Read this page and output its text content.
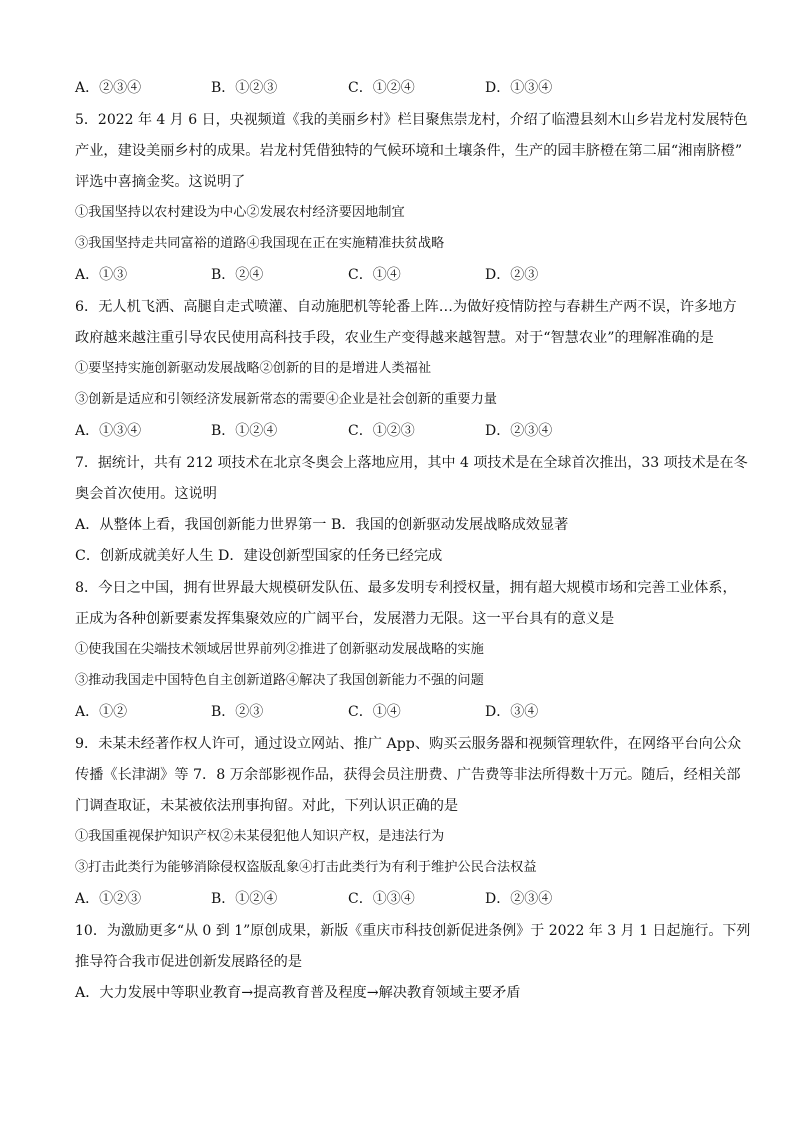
A．②③④	B．①②③	C．①②④	D．①③④
5．2022 年 4 月 6 日，央视频道《我的美丽乡村》栏目聚焦崇龙村，介绍了临澧县刻木山乡岩龙村发展特色
产业，建设美丽乡村的成果。岩龙村凭借独特的气候环境和土壤条件，生产的园丰脐橙在第二届“湘南脐橙”
评选中喜摘金奖。这说明了
①我国坚持以农村建设为中心②发展农村经济要因地制宜
③我国坚持走共同富裕的道路④我国现在正在实施精准扶贫战略
A．①③	B．②④	C．①④	D．②③
6．无人机飞洒、高腿自走式喷灌、自动施肥机等轮番上阵…为做好疫情防控与春耕生产两不误，许多地方
政府越来越注重引导农民使用高科技手段，农业生产变得越来越智慧。对于“智慧农业”的理解准确的是
①要坚持实施创新驱动发展战略②创新的目的是增进人类福祉
③创新是适应和引领经济发展新常态的需要④企业是社会创新的重要力量
A．①③④	B．①②④	C．①②③	D．②③④
7．据统计，共有 212 项技术在北京冬奥会上落地应用，其中 4 项技术是在全球首次推出，33 项技术是在冬
奥会首次使用。这说明
A．从整体上看，我国创新能力世界第一 B．我国的创新驱动发展战略成效显著
C．创新成就美好人生 D．建设创新型国家的任务已经完成
8．今日之中国，拥有世界最大规模研发队伍、最多发明专利授权量，拥有超大规模市场和完善工业体系，
正成为各种创新要素发挥集聚效应的广阔平台，发展潜力无限。这一平台具有的意义是
①使我国在尖端技术领域居世界前列②推进了创新驱动发展战略的实施
③推动我国走中国特色自主创新道路④解决了我国创新能力不强的问题
A．①②	B．②③	C．①④	D．③④
9．未某未经著作权人许可，通过设立网站、推广 App、购买云服务器和视频管理软件，在网络平台向公众
传播《长津湖》等 7．8 万余部影视作品，获得会员注册费、广告费等非法所得数十万元。随后，经相关部
门调查取证，未某被依法刑事拘留。对此，下列认识正确的是
①我国重视保护知识产权②未某侵犯他人知识产权，是违法行为
③打击此类行为能够消除侵权盗版乱象④打击此类行为有利于维护公民合法权益
A．①②③	B．①②④	C．①③④	D．②③④
10．为激励更多“从 0 到 1”原创成果，新版《重庆市科技创新促进条例》于 2022 年 3 月 1 日起施行。下列
推导符合我市促进创新发展路径的是
A．大力发展中等职业教育→提高教育普及程度→解决教育领域主要矛盾
